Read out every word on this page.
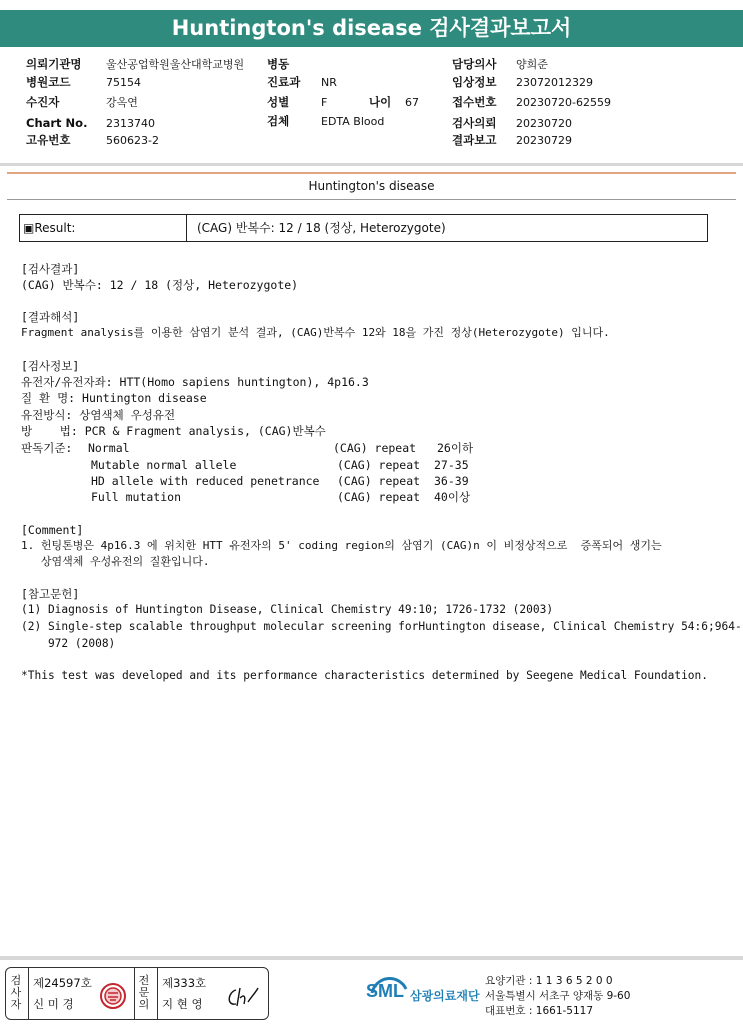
Huntington's disease 검사결과보고서
의뢰기관명 울산공업학원울산대학교병원 병동	담당의사 양희준
병원코드	75154	진료과 NR	임상정보 23072012329
수진자	강옥연	성별	F	나이 67	접수번호 20230720-62559
Chart No. 2313740	검체	EDTA Blood	검사의뢰 20230720
고유번호	560623-2	결과보고 20230729
Huntington's disease
▣Result:	(CAG) 반복수: 12 / 18 (정상, Heterozygote)
[검사결과]
(CAG) 반복수: 12 / 18 (정상, Heterozygote)
[결과해석]
Fragment analysis를 이용한 삼염기 분석 결과, (CAG)반복수 12와 18을 가진 정상(Heterozygote) 입니다.
[검사정보]
유전자/유전자좌: HTT(Homo sapiens huntington), 4p16.3
질 환 명: Huntington disease
유전방식: 상염색체 우성유전
방    법: PCR & Fragment analysis, (CAG)반복수
판독기준: Normal	(CAG) repeat 26이하
Mutable normal allele	(CAG) repeat 27-35
HD allele with reduced penetrance (CAG) repeat 36-39
Full mutation	(CAG) repeat 40이상
[Comment]
1. 헌팅톤병은 4p16.3 에 위치한 HTT 유전자의 5' coding region의 삼염기 (CAG)n 이 비정상적으로  증폭되어 생기는
상염색체 우성유전의 질환입니다.
[참고문헌]
(1) Diagnosis of Huntington Disease, Clinical Chemistry 49:10; 1726-1732 (2003)
(2) Single-step scalable throughput molecular screening forHuntington disease, Clinical Chemistry 54:6;964-
972 (2008)
*This test was developed and its performance characteristics determined by Seegene Medical Foundation.
검사자
제24597호
신 미 경
전문의
제333호
지 현 영
SML 삼광의료재단
요양기관 : 1 1 3 6 5 2 0 0
서울특별시 서초구 양재동 9-60
대표번호 : 1661-5117
